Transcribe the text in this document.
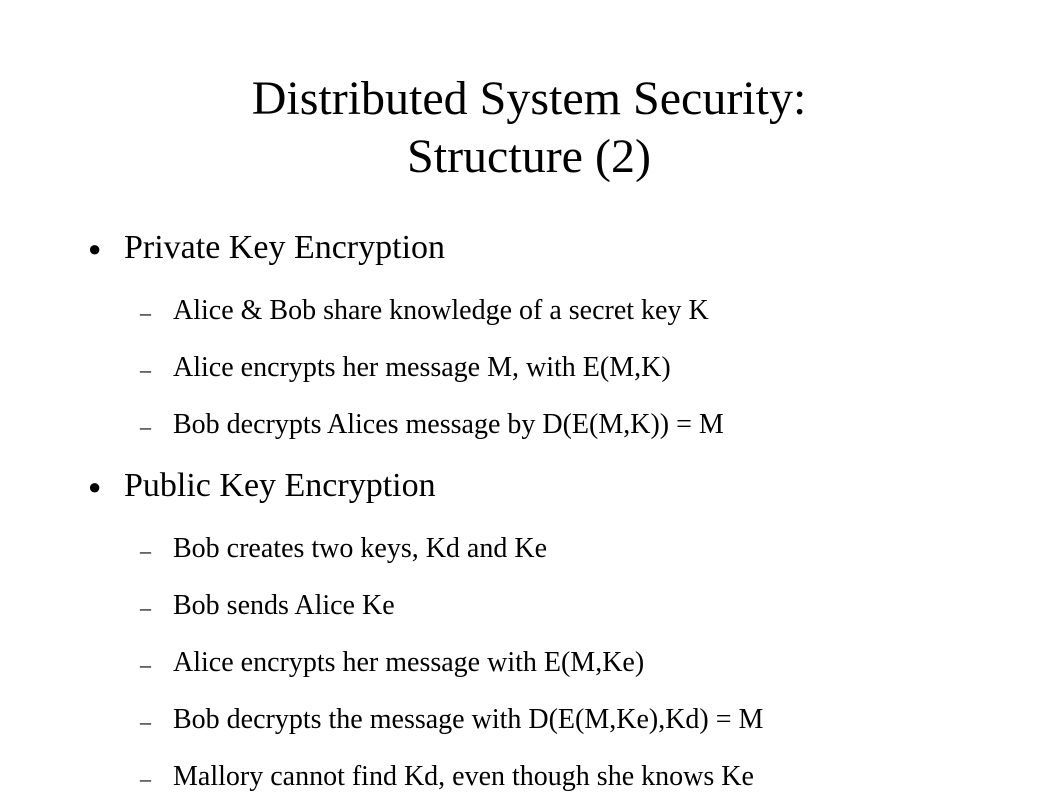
Distributed System Security:
Structure (2)
● Private Key Encryption
– Alice & Bob share knowledge of a secret key K
– Alice encrypts her message M, with E(M,K)
– Bob decrypts Alices message by D(E(M,K)) = M
● Public Key Encryption
– Bob creates two keys, Kd and Ke
– Bob sends Alice Ke
– Alice encrypts her message with E(M,Ke)
– Bob decrypts the message with D(E(M,Ke),Kd) = M
– Mallory cannot find Kd, even though she knows Ke
